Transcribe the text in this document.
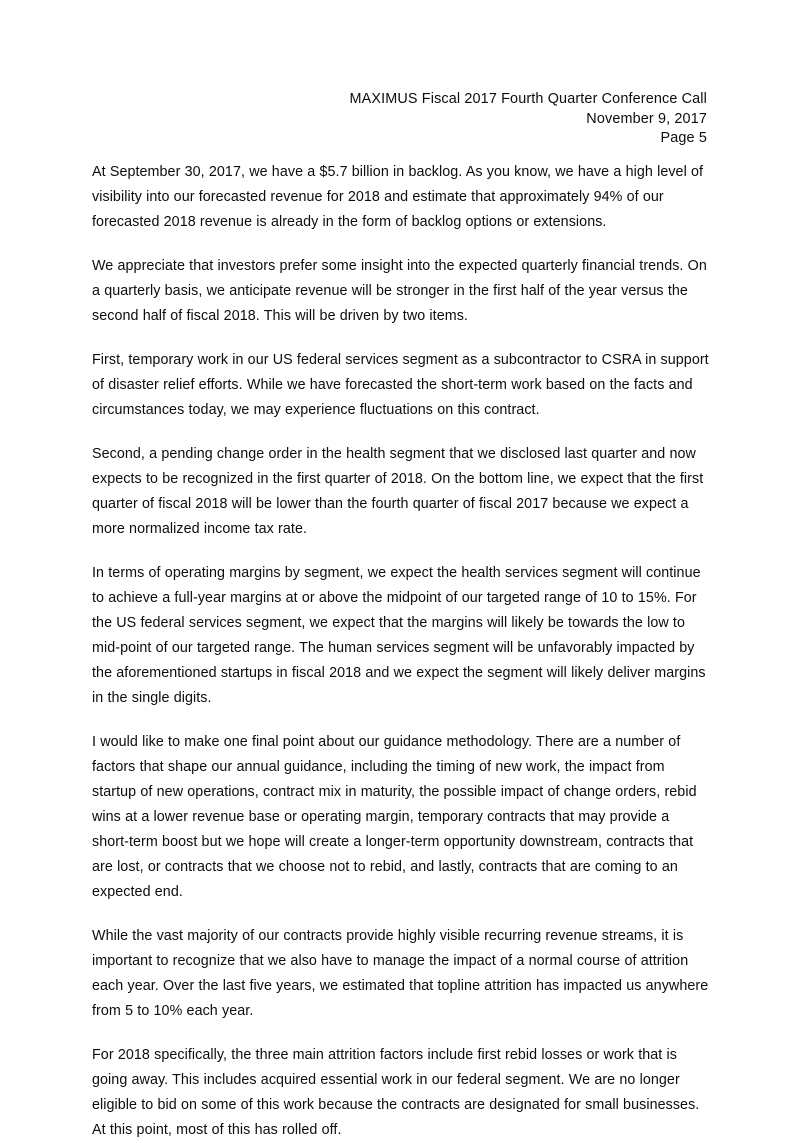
MAXIMUS Fiscal 2017 Fourth Quarter Conference Call
November 9, 2017
Page 5

At September 30, 2017, we have a $5.7 billion in backlog. As you know, we have a high level of visibility into our forecasted revenue for 2018 and estimate that approximately 94% of our forecasted 2018 revenue is already in the form of backlog options or extensions.

We appreciate that investors prefer some insight into the expected quarterly financial trends. On a quarterly basis, we anticipate revenue will be stronger in the first half of the year versus the second half of fiscal 2018. This will be driven by two items.

First, temporary work in our US federal services segment as a subcontractor to CSRA in support of disaster relief efforts. While we have forecasted the short-term work based on the facts and circumstances today, we may experience fluctuations on this contract.

Second, a pending change order in the health segment that we disclosed last quarter and now expects to be recognized in the first quarter of 2018. On the bottom line, we expect that the first quarter of fiscal 2018 will be lower than the fourth quarter of fiscal 2017 because we expect a more normalized income tax rate.

In terms of operating margins by segment, we expect the health services segment will continue to achieve a full-year margins at or above the midpoint of our targeted range of 10 to 15%. For the US federal services segment, we expect that the margins will likely be towards the low to mid-point of our targeted range. The human services segment will be unfavorably impacted by the aforementioned startups in fiscal 2018 and we expect the segment will likely deliver margins in the single digits.

I would like to make one final point about our guidance methodology. There are a number of factors that shape our annual guidance, including the timing of new work, the impact from startup of new operations, contract mix in maturity, the possible impact of change orders, rebid wins at a lower revenue base or operating margin, temporary contracts that may provide a short-term boost but we hope will create a longer-term opportunity downstream, contracts that are lost, or contracts that we choose not to rebid, and lastly, contracts that are coming to an expected end.

While the vast majority of our contracts provide highly visible recurring revenue streams, it is important to recognize that we also have to manage the impact of a normal course of attrition each year. Over the last five years, we estimated that topline attrition has impacted us anywhere from 5 to 10% each year.

For 2018 specifically, the three main attrition factors include first rebid losses or work that is going away. This includes acquired essential work in our federal segment. We are no longer eligible to bid on some of this work because the contracts are designated for small businesses. At this point, most of this has rolled off.
